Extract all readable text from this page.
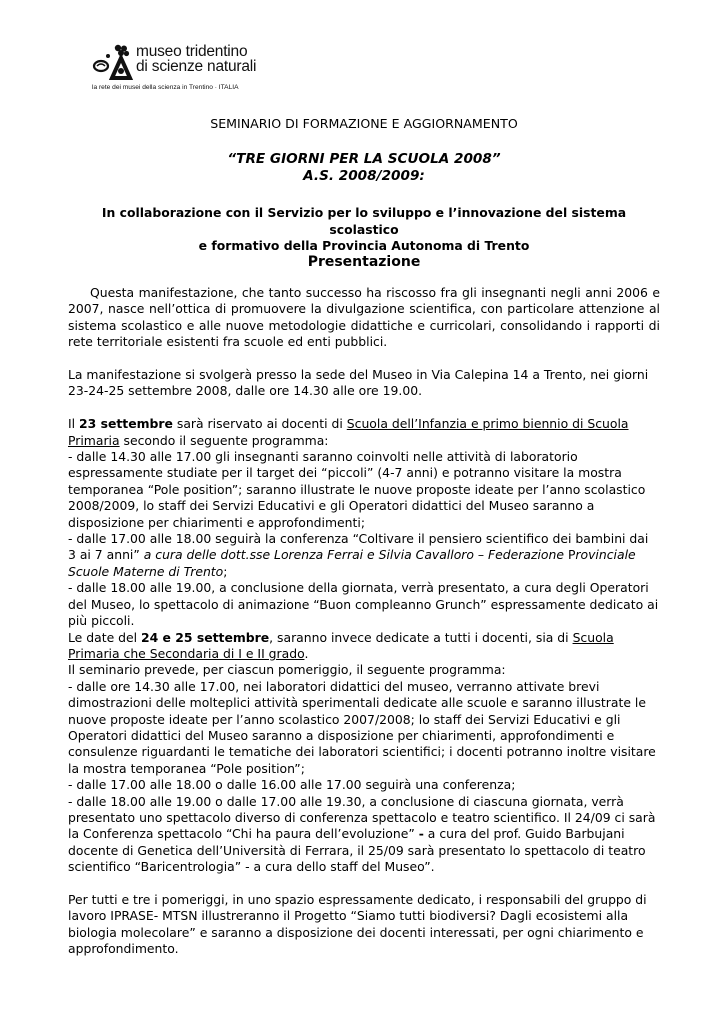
museo tridentino
di scienze naturali
la rete dei musei della scienza in Trentino · ITALIA
SEMINARIO DI FORMAZIONE E AGGIORNAMENTO
“TRE GIORNI PER LA SCUOLA 2008”
A.S. 2008/2009:
In collaborazione con il Servizio per lo sviluppo e l’innovazione del sistema scolastico
e formativo della Provincia Autonoma di Trento
Presentazione

Questa manifestazione, che tanto successo ha riscosso fra gli insegnanti negli anni 2006 e 2007, nasce nell’ottica di promuovere la divulgazione scientifica, con particolare attenzione al sistema scolastico e alle nuove metodologie didattiche e curricolari, consolidando i rapporti di rete territoriale esistenti fra scuole ed enti pubblici.

La manifestazione si svolgerà presso la sede del Museo in Via Calepina 14 a Trento, nei giorni 23-24-25 settembre 2008, dalle ore 14.30 alle ore 19.00.

Il 23 settembre sarà riservato ai docenti di Scuola dell’Infanzia e primo biennio di Scuola Primaria secondo il seguente programma:

- dalle 14.30 alle 17.00 gli insegnanti saranno coinvolti nelle attività di laboratorio espressamente studiate per il target dei “piccoli” (4-7 anni) e potranno visitare la mostra temporanea “Pole position”; saranno illustrate le nuove proposte ideate per l’anno scolastico 2008/2009, lo staff dei Servizi Educativi e gli Operatori didattici del Museo saranno a disposizione per chiarimenti e approfondimenti;

- dalle 17.00 alle 18.00 seguirà la conferenza “Coltivare il pensiero scientifico dei bambini dai 3 ai 7 anni” a cura delle dott.sse Lorenza Ferrai e Silvia Cavalloro – Federazione Provinciale Scuole Materne di Trento;

- dalle 18.00 alle 19.00, a conclusione della giornata, verrà presentato, a cura degli Operatori del Museo, lo spettacolo di animazione “Buon compleanno Grunch” espressamente dedicato ai più piccoli.

Le date del 24 e 25 settembre, saranno invece dedicate a tutti i docenti, sia di Scuola Primaria che Secondaria di I e II grado.

Il seminario prevede, per ciascun pomeriggio, il seguente programma:

- dalle ore 14.30 alle 17.00, nei laboratori didattici del museo, verranno attivate brevi dimostrazioni delle molteplici attività sperimentali dedicate alle scuole e saranno illustrate le nuove proposte ideate per l’anno scolastico 2007/2008; lo staff dei Servizi Educativi e gli Operatori didattici del Museo saranno a disposizione per chiarimenti, approfondimenti e consulenze riguardanti le tematiche dei laboratori scientifici; i docenti potranno inoltre visitare la mostra temporanea “Pole position”;

- dalle 17.00 alle 18.00 o dalle 16.00 alle 17.00 seguirà una conferenza;

- dalle 18.00 alle 19.00 o dalle 17.00 alle 19.30, a conclusione di ciascuna giornata, verrà presentato uno spettacolo diverso di conferenza spettacolo e teatro scientifico. Il 24/09 ci sarà la Conferenza spettacolo “Chi ha paura dell’evoluzione” - a cura del prof. Guido Barbujani docente di Genetica dell’Università di Ferrara, il 25/09 sarà presentato lo spettacolo di teatro scientifico “Baricentrologia” - a cura dello staff del Museo”.

Per tutti e tre i pomeriggi, in uno spazio espressamente dedicato, i responsabili del gruppo di lavoro IPRASE- MTSN illustreranno il Progetto “Siamo tutti biodiversi? Dagli ecosistemi alla biologia molecolare” e saranno a disposizione dei docenti interessati, per ogni chiarimento e approfondimento.
